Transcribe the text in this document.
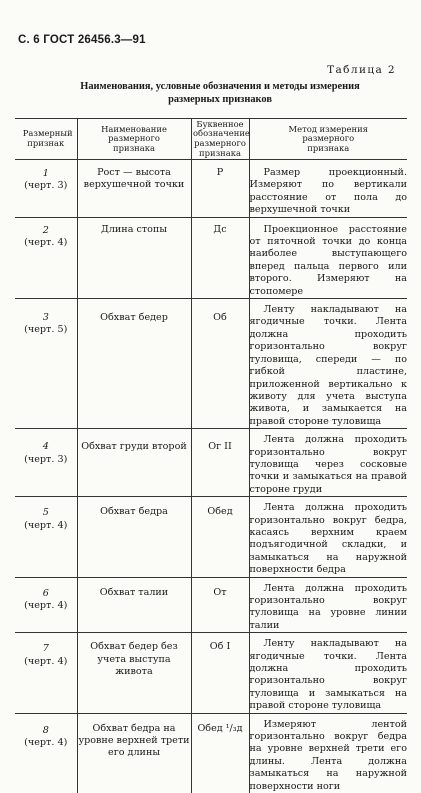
С. 6 ГОСТ 26456.3—91
Таблица 2
Наименования, условные обозначения и методы измерения
размерных признаков
Размерный признак	Наименование размерного признака	Буквенное обозначение размерного признака	Метод измерения размерного признака

1
(черт. 3)	Рост — высота верхушечной точки	Р	Размер проекционный. Измеряют по вертикали расстояние от пола до верхушечной точки

2
(черт. 4)	Длина стопы	Дс	Проекционное расстояние от пяточной точки до конца наиболее выступающего вперед пальца первого или второго. Измеряют на стопомере

3
(черт. 5)	Обхват бедер	Об	Ленту накладывают на ягодичные точки. Лента должна проходить горизонтально вокруг туловища, спереди — по гибкой пластине, приложенной вертикально к животу для учета выступа живота, и замыкается на правой стороне туловища

4
(черт. 3)	Обхват груди второй	Ог II	Лента должна проходить горизонтально вокруг туловища через сосковые точки и замыкаться на правой стороне груди

5
(черт. 4)	Обхват бедра	Обед	Лента должна проходить горизонтально вокруг бедра, касаясь верхним краем подъягодичной складки, и замыкаться на наружной поверхности бедра

6
(черт. 4)	Обхват талии	От	Лента должна проходить горизонтально вокруг туловища на уровне линии талии

7
(черт. 4)	Обхват бедер без учета выступа живота	Об I	Ленту накладывают на ягодичные точки. Лента должна проходить горизонтально вокруг туловища и замыкаться на правой стороне туловища

8
(черт. 4)	Обхват бедра на уровне верхней трети его длины	Обед ¹/₃д	Измеряют лентой горизонтально вокруг бедра на уровне верхней трети его длины. Лента должна замыкаться на наружной поверхности ноги
